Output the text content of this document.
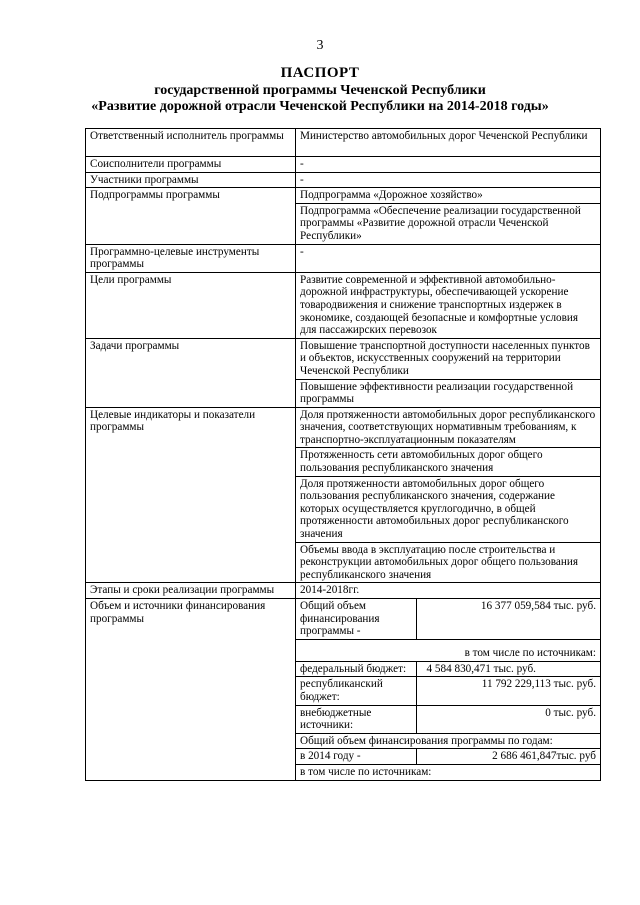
3
ПАСПОРТ
государственной программы Чеченской Республики
«Развитие дорожной отрасли Чеченской Республики на 2014-2018 годы»
Ответственный исполнитель программы	Министерство автомобильных дорог Чеченской Республики
Соисполнители программы	-
Участники программы	-
Подпрограммы программы	Подпрограмма «Дорожное хозяйство»
Подпрограмма «Обеспечение реализации государственной программы «Развитие дорожной отрасли Чеченской Республики»
Программно-целевые инструменты программы	-
Цели программы	Развитие современной и эффективной автомобильно-дорожной инфраструктуры, обеспечивающей ускорение товародвижения и снижение транспортных издержек в экономике, создающей безопасные и комфортные условия для пассажирских перевозок
Задачи программы	Повышение транспортной доступности населенных пунктов и объектов, искусственных сооружений на территории Чеченской Республики
Повышение эффективности реализации государственной программы
Целевые индикаторы и показатели программы	Доля протяженности автомобильных дорог республиканского значения, соответствующих нормативным требованиям, к транспортно-эксплуатационным показателям
Протяженность сети автомобильных дорог общего пользования республиканского значения
Доля протяженности автомобильных дорог общего пользования республиканского значения, содержание которых осуществляется круглогодично, в общей протяженности автомобильных дорог республиканского значения
Объемы ввода в эксплуатацию после строительства и реконструкции автомобильных дорог общего пользования республиканского значения
Этапы и сроки реализации программы	2014-2018гг.
Объем и источники финансирования программы	
Общий объем финансирования программы -	16 377 059,584 тыс. руб.
в том числе по источникам:
федеральный бюджет:	4 584 830,471 тыс. руб.
республиканский бюджет:	11 792 229,113 тыс. руб.
внебюджетные источники:	0 тыс. руб.
Общий объем финансирования программы по годам:
в 2014 году -	2 686 461,847тыс. руб
в том числе по источникам:
